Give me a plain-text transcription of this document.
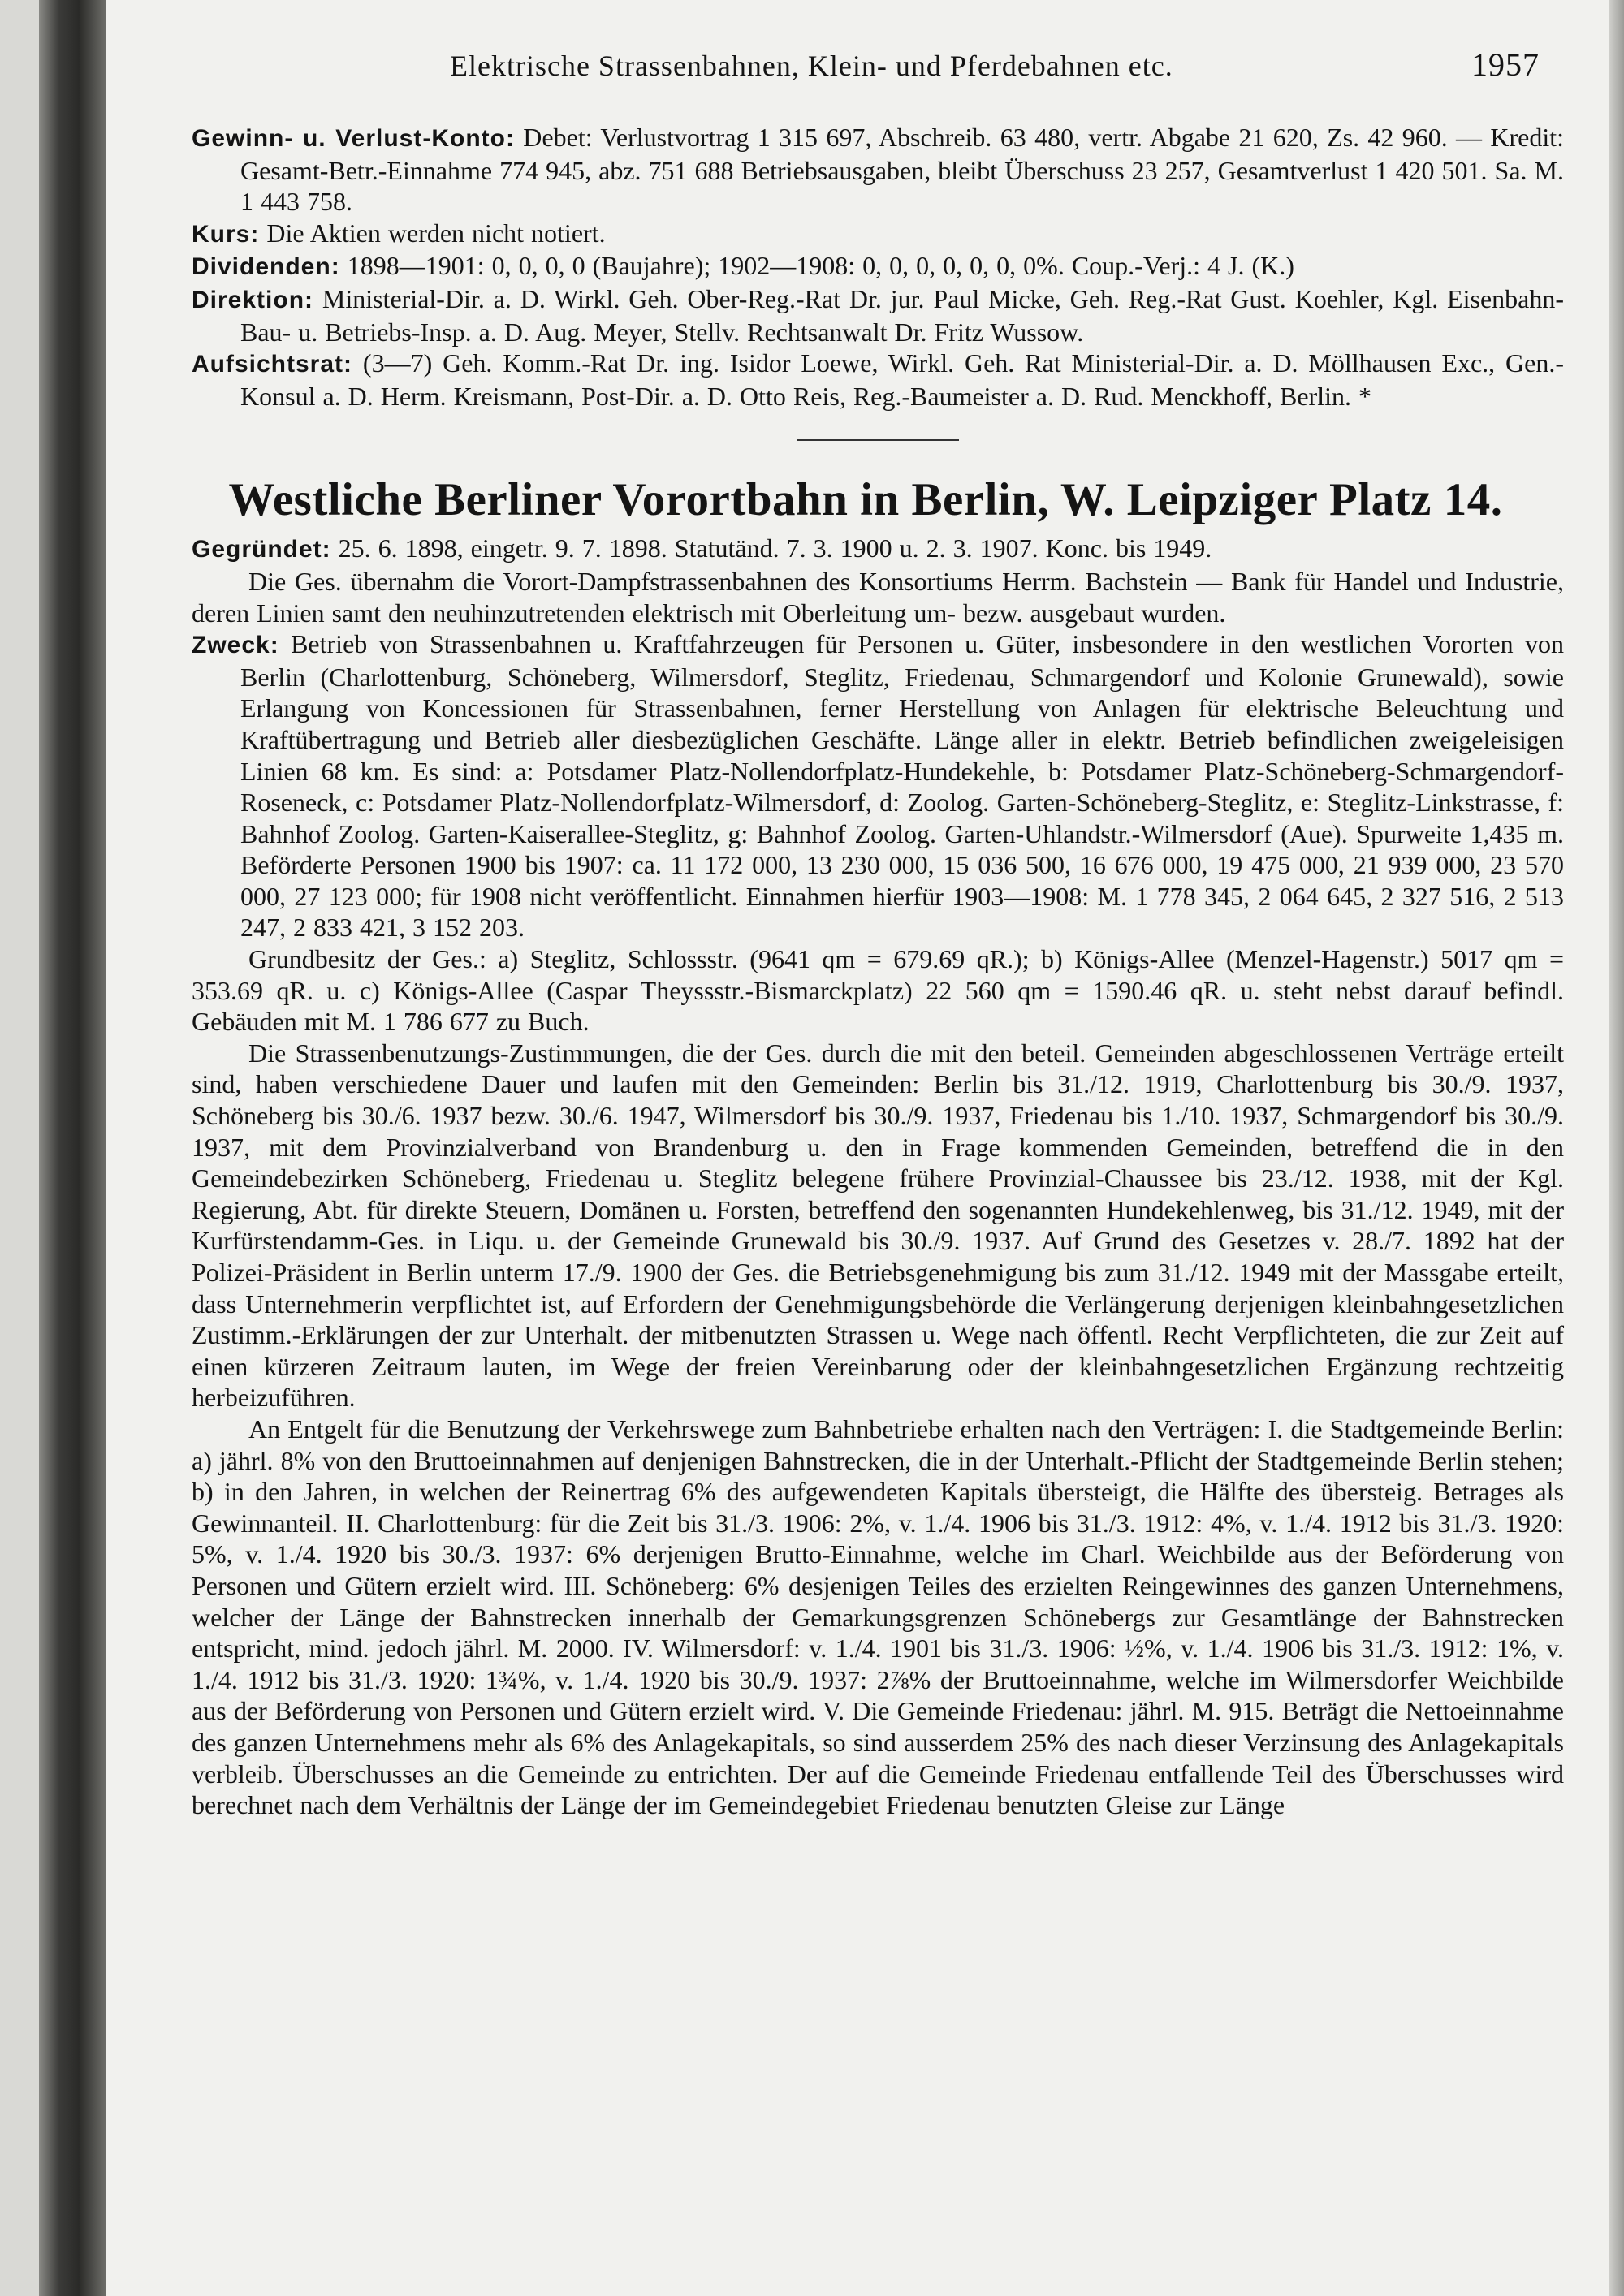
Elektrische Strassenbahnen, Klein- und Pferdebahnen etc.	1957

Gewinn- u. Verlust-Konto: Debet: Verlustvortrag 1 315 697, Abschreib. 63 480, vertr. Abgabe 21 620, Zs. 42 960. — Kredit: Gesamt-Betr.-Einnahme 774 945, abz. 751 688 Betriebsausgaben, bleibt Überschuss 23 257, Gesamtverlust 1 420 501. Sa. M. 1 443 758.

Kurs: Die Aktien werden nicht notiert.

Dividenden: 1898—1901: 0, 0, 0, 0 (Baujahre); 1902—1908: 0, 0, 0, 0, 0, 0, 0%. Coup.-Verj.: 4 J. (K.)

Direktion: Ministerial-Dir. a. D. Wirkl. Geh. Ober-Reg.-Rat Dr. jur. Paul Micke, Geh. Reg.-Rat Gust. Koehler, Kgl. Eisenbahn-Bau- u. Betriebs-Insp. a. D. Aug. Meyer, Stellv. Rechtsanwalt Dr. Fritz Wussow.

Aufsichtsrat: (3—7) Geh. Komm.-Rat Dr. ing. Isidor Loewe, Wirkl. Geh. Rat Ministerial-Dir. a. D. Möllhausen Exc., Gen.-Konsul a. D. Herm. Kreismann, Post-Dir. a. D. Otto Reis, Reg.-Baumeister a. D. Rud. Menckhoff, Berlin. *

Westliche Berliner Vorortbahn in Berlin, W. Leipziger Platz 14.

Gegründet: 25. 6. 1898, eingetr. 9. 7. 1898. Statutänd. 7. 3. 1900 u. 2. 3. 1907. Konc. bis 1949.

Die Ges. übernahm die Vorort-Dampfstrassenbahnen des Konsortiums Herrm. Bachstein — Bank für Handel und Industrie, deren Linien samt den neuhinzutretenden elektrisch mit Oberleitung um- bezw. ausgebaut wurden.

Zweck: Betrieb von Strassenbahnen u. Kraftfahrzeugen für Personen u. Güter, insbesondere in den westlichen Vororten von Berlin (Charlottenburg, Schöneberg, Wilmersdorf, Steglitz, Friedenau, Schmargendorf und Kolonie Grunewald), sowie Erlangung von Koncessionen für Strassenbahnen, ferner Herstellung von Anlagen für elektrische Beleuchtung und Kraftübertragung und Betrieb aller diesbezüglichen Geschäfte. Länge aller in elektr. Betrieb befindlichen zweigeleisigen Linien 68 km. Es sind: a: Potsdamer Platz-Nollendorfplatz-Hundekehle, b: Potsdamer Platz-Schöneberg-Schmargendorf-Roseneck, c: Potsdamer Platz-Nollendorfplatz-Wilmersdorf, d: Zoolog. Garten-Schöneberg-Steglitz, e: Steglitz-Linkstrasse, f: Bahnhof Zoolog. Garten-Kaiserallee-Steglitz, g: Bahnhof Zoolog. Garten-Uhlandstr.-Wilmersdorf (Aue). Spurweite 1,435 m. Beförderte Personen 1900 bis 1907: ca. 11 172 000, 13 230 000, 15 036 500, 16 676 000, 19 475 000, 21 939 000, 23 570 000, 27 123 000; für 1908 nicht veröffentlicht. Einnahmen hierfür 1903—1908: M. 1 778 345, 2 064 645, 2 327 516, 2 513 247, 2 833 421, 3 152 203.

Grundbesitz der Ges.: a) Steglitz, Schlossstr. (9641 qm = 679.69 qR.); b) Königs-Allee (Menzel-Hagenstr.) 5017 qm = 353.69 qR. u. c) Königs-Allee (Caspar Theyssstr.-Bismarckplatz) 22 560 qm = 1590.46 qR. u. steht nebst darauf befindl. Gebäuden mit M. 1 786 677 zu Buch.

Die Strassenbenutzungs-Zustimmungen, die der Ges. durch die mit den beteil. Gemeinden abgeschlossenen Verträge erteilt sind, haben verschiedene Dauer und laufen mit den Gemeinden: Berlin bis 31./12. 1919, Charlottenburg bis 30./9. 1937, Schöneberg bis 30./6. 1937 bezw. 30./6. 1947, Wilmersdorf bis 30./9. 1937, Friedenau bis 1./10. 1937, Schmargendorf bis 30./9. 1937, mit dem Provinzialverband von Brandenburg u. den in Frage kommenden Gemeinden, betreffend die in den Gemeindebezirken Schöneberg, Friedenau u. Steglitz belegene frühere Provinzial-Chaussee bis 23./12. 1938, mit der Kgl. Regierung, Abt. für direkte Steuern, Domänen u. Forsten, betreffend den sogenannten Hundekehlenweg, bis 31./12. 1949, mit der Kurfürstendamm-Ges. in Liqu. u. der Gemeinde Grunewald bis 30./9. 1937. Auf Grund des Gesetzes v. 28./7. 1892 hat der Polizei-Präsident in Berlin unterm 17./9. 1900 der Ges. die Betriebsgenehmigung bis zum 31./12. 1949 mit der Massgabe erteilt, dass Unternehmerin verpflichtet ist, auf Erfordern der Genehmigungsbehörde die Verlängerung derjenigen kleinbahngesetzlichen Zustimm.-Erklärungen der zur Unterhalt. der mitbenutzten Strassen u. Wege nach öffentl. Recht Verpflichteten, die zur Zeit auf einen kürzeren Zeitraum lauten, im Wege der freien Vereinbarung oder der kleinbahngesetzlichen Ergänzung rechtzeitig herbeizuführen.

An Entgelt für die Benutzung der Verkehrswege zum Bahnbetriebe erhalten nach den Verträgen: I. die Stadtgemeinde Berlin: a) jährl. 8% von den Bruttoeinnahmen auf denjenigen Bahnstrecken, die in der Unterhalt.-Pflicht der Stadtgemeinde Berlin stehen; b) in den Jahren, in welchen der Reinertrag 6% des aufgewendeten Kapitals übersteigt, die Hälfte des übersteig. Betrages als Gewinnanteil. II. Charlottenburg: für die Zeit bis 31./3. 1906: 2%, v. 1./4. 1906 bis 31./3. 1912: 4%, v. 1./4. 1912 bis 31./3. 1920: 5%, v. 1./4. 1920 bis 30./3. 1937: 6% derjenigen Brutto-Einnahme, welche im Charl. Weichbilde aus der Beförderung von Personen und Gütern erzielt wird. III. Schöneberg: 6% desjenigen Teiles des erzielten Reingewinnes des ganzen Unternehmens, welcher der Länge der Bahnstrecken innerhalb der Gemarkungsgrenzen Schönebergs zur Gesamtlänge der Bahnstrecken entspricht, mind. jedoch jährl. M. 2000. IV. Wilmersdorf: v. 1./4. 1901 bis 31./3. 1906: ½%, v. 1./4. 1906 bis 31./3. 1912: 1%, v. 1./4. 1912 bis 31./3. 1920: 1¾%, v. 1./4. 1920 bis 30./9. 1937: 2⅞% der Bruttoeinnahme, welche im Wilmersdorfer Weichbilde aus der Beförderung von Personen und Gütern erzielt wird. V. Die Gemeinde Friedenau: jährl. M. 915. Beträgt die Nettoeinnahme des ganzen Unternehmens mehr als 6% des Anlagekapitals, so sind ausserdem 25% des nach dieser Verzinsung des Anlagekapitals verbleib. Überschusses an die Gemeinde zu entrichten. Der auf die Gemeinde Friedenau entfallende Teil des Überschusses wird berechnet nach dem Verhältnis der Länge der im Gemeindegebiet Friedenau benutzten Gleise zur Länge
